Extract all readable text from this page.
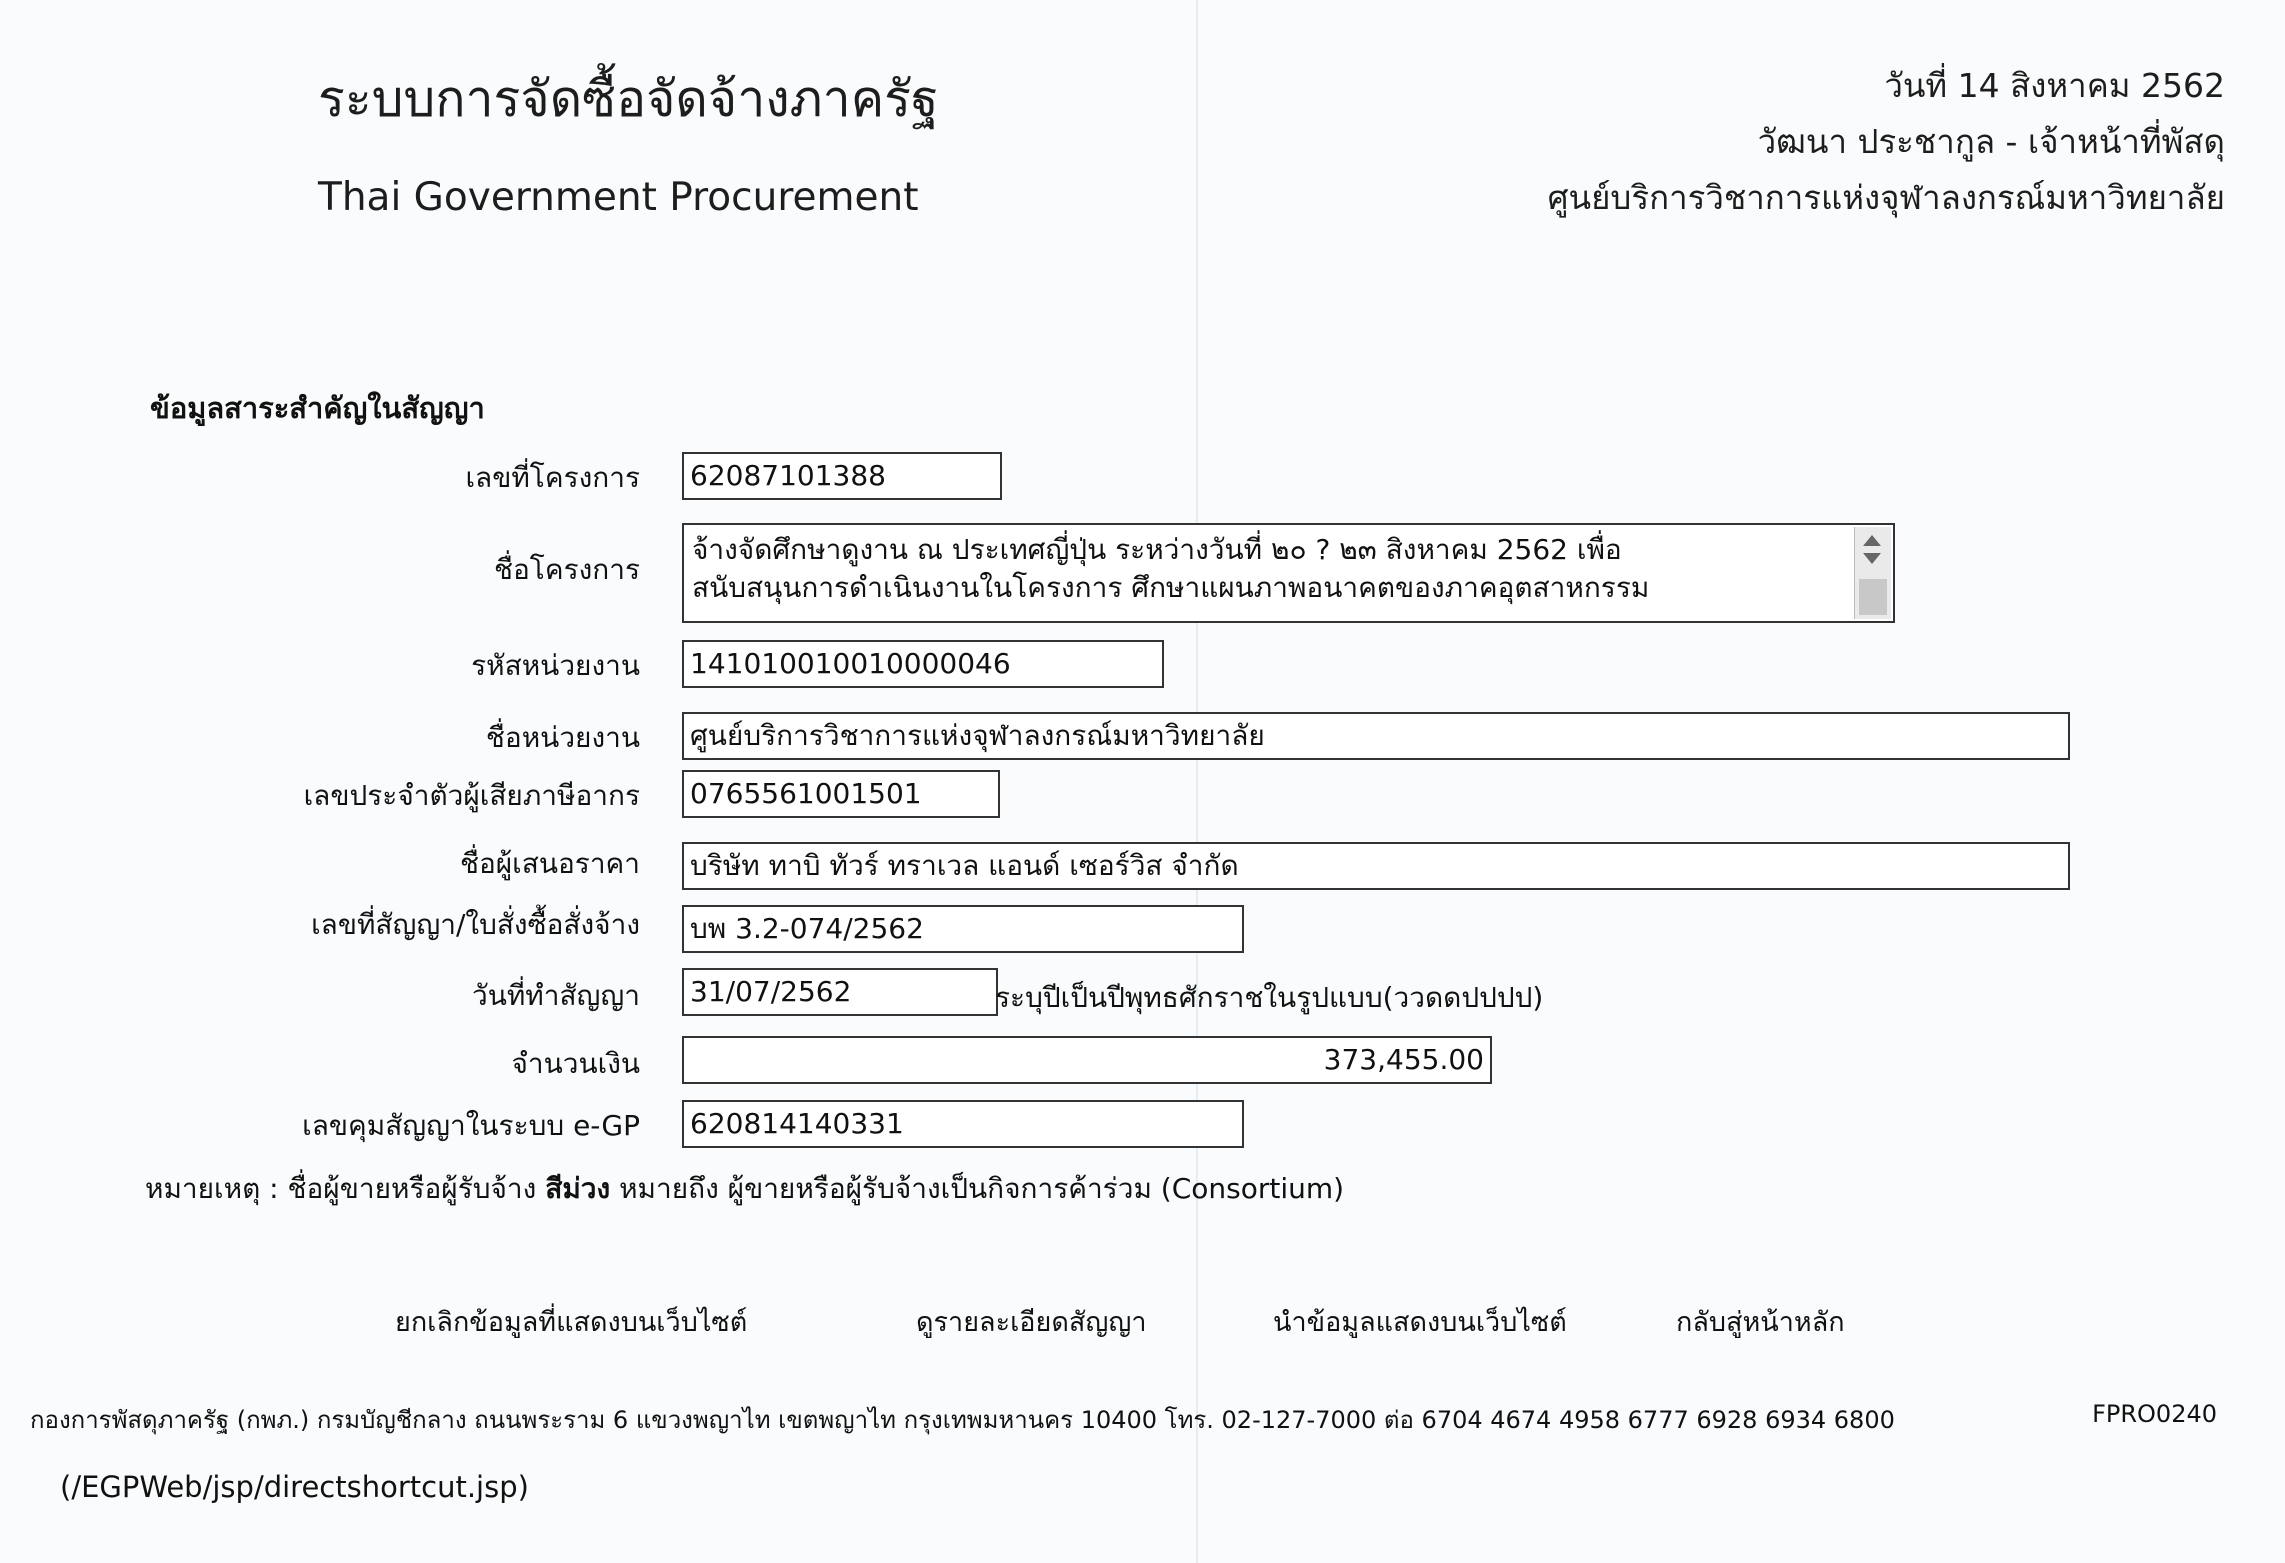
ระบบการจัดซื้อจัดจ้างภาครัฐ
Thai Government Procurement
วันที่ 14 สิงหาคม 2562
วัฒนา ประชากูล - เจ้าหน้าที่พัสดุ
ศูนย์บริการวิชาการแห่งจุฬาลงกรณ์มหาวิทยาลัย
ข้อมูลสาระสำคัญในสัญญา
เลขที่โครงการ 62087101388
ชื่อโครงการ
จ้างจัดศึกษาดูงาน ณ ประเทศญี่ปุ่น ระหว่างวันที่ ๒๐ ? ๒๓ สิงหาคม 2562 เพื่อ
สนับสนุนการดำเนินงานในโครงการ ศึกษาแผนภาพอนาคตของภาคอุตสาหกรรม
รหัสหน่วยงาน 141010010010000046
ชื่อหน่วยงาน ศูนย์บริการวิชาการแห่งจุฬาลงกรณ์มหาวิทยาลัย
เลขประจำตัวผู้เสียภาษีอากร 0765561001501
ชื่อผู้เสนอราคา บริษัท ทาบิ ทัวร์ ทราเวล แอนด์ เซอร์วิส จำกัด
เลขที่สัญญา/ใบสั่งซื้อสั่งจ้าง บพ 3.2-074/2562
วันที่ทำสัญญา 31/07/2562	ระบุปีเป็นปีพุทธศักราชในรูปแบบ(ววดดปปปป)
จำนวนเงิน	373,455.00
เลขคุมสัญญาในระบบ e-GP 620814140331
หมายเหตุ : ชื่อผู้ขายหรือผู้รับจ้าง สีม่วง หมายถึง ผู้ขายหรือผู้รับจ้างเป็นกิจการค้าร่วม (Consortium)
ยกเลิกข้อมูลที่แสดงบนเว็บไซต์	ดูรายละเอียดสัญญา	นำข้อมูลแสดงบนเว็บไซต์	กลับสู่หน้าหลัก
กองการพัสดุภาครัฐ (กพภ.) กรมบัญชีกลาง ถนนพระราม 6 แขวงพญาไท เขตพญาไท กรุงเทพมหานคร 10400 โทร. 02-127-7000 ต่อ 6704 4674 4958 6777 6928 6934 6800	FPRO0240
(/EGPWeb/jsp/directshortcut.jsp)
